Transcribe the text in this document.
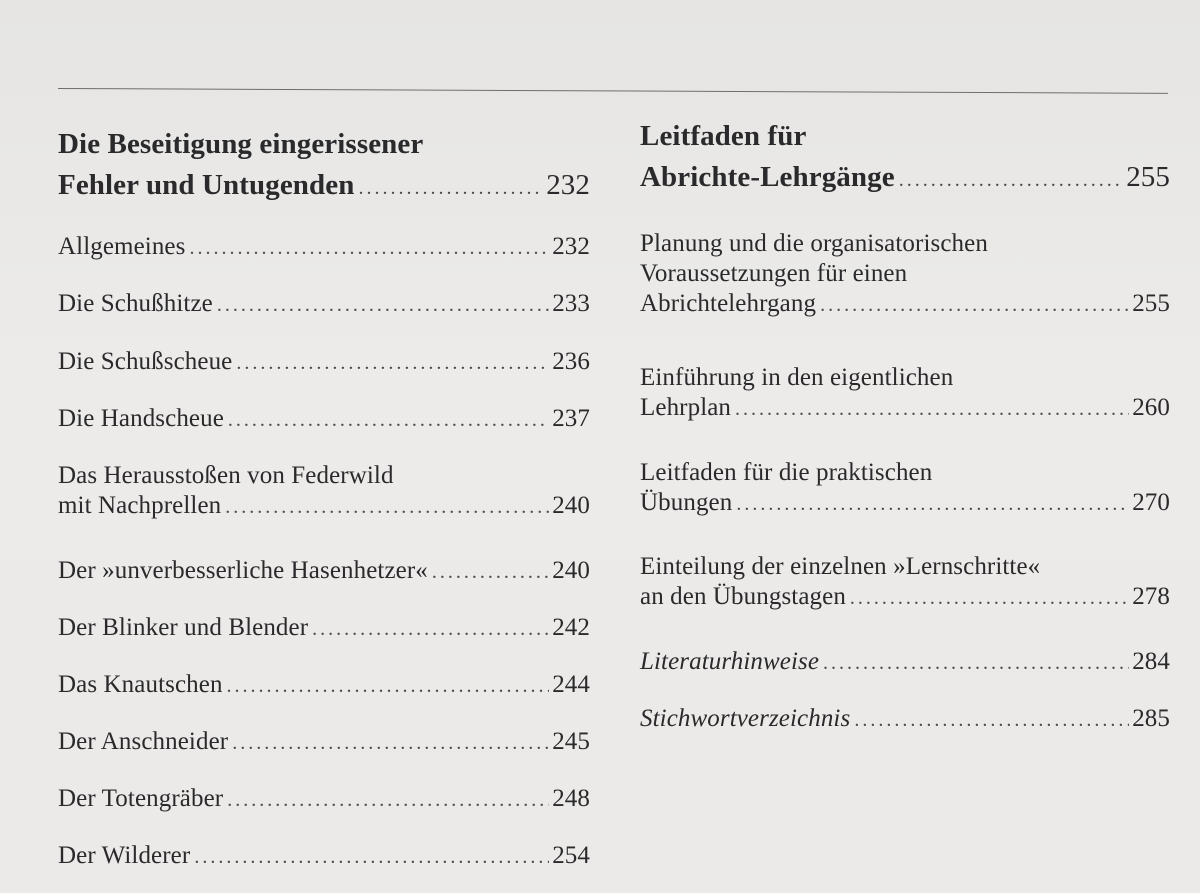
Die Beseitigung eingerissener
Fehler und Untugenden .....	232
Allgemeines .....	232
Die Schußhitze .....	233
Die Schußscheue .....	236
Die Handscheue .....	237
Das Herausstoßen von Federwild
mit Nachprellen .....	240
Der »unverbesserliche Hasenhetzer« .....	240
Der Blinker und Blender .....	242
Das Knautschen .....	244
Der Anschneider .....	245
Der Totengräber .....	248
Der Wilderer .....	254
Leitfaden für
Abrichte-Lehrgänge .....	255
Planung und die organisatorischen
Voraussetzungen für einen
Abrichtelehrgang .....	255
Einführung in den eigentlichen
Lehrplan .....	260
Leitfaden für die praktischen
Übungen .....	270
Einteilung der einzelnen »Lernschritte«
an den Übungstagen .....	278
Literaturhinweise .....	284
Stichwortverzeichnis .....	285
